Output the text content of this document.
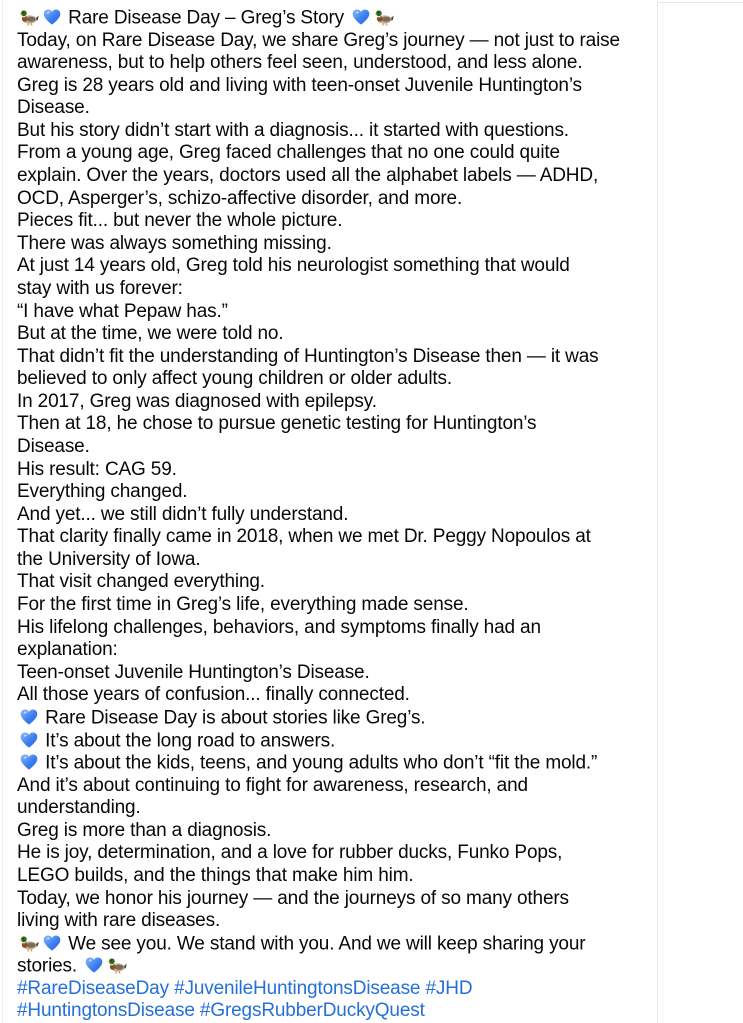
Rare Disease Day – Greg’s Story
Today, on Rare Disease Day, we share Greg’s journey — not just to raise
awareness, but to help others feel seen, understood, and less alone.
Greg is 28 years old and living with teen-onset Juvenile Huntington’s
Disease.
But his story didn’t start with a diagnosis... it started with questions.
From a young age, Greg faced challenges that no one could quite
explain. Over the years, doctors used all the alphabet labels — ADHD,
OCD, Asperger’s, schizo-affective disorder, and more.
Pieces fit... but never the whole picture.
There was always something missing.
At just 14 years old, Greg told his neurologist something that would
stay with us forever:
“I have what Pepaw has.”
But at the time, we were told no.
That didn’t fit the understanding of Huntington’s Disease then — it was
believed to only affect young children or older adults.
In 2017, Greg was diagnosed with epilepsy.
Then at 18, he chose to pursue genetic testing for Huntington’s
Disease.
His result: CAG 59.
Everything changed.
And yet... we still didn’t fully understand.
That clarity finally came in 2018, when we met Dr. Peggy Nopoulos at
the University of Iowa.
That visit changed everything.
For the first time in Greg’s life, everything made sense.
His lifelong challenges, behaviors, and symptoms finally had an
explanation:
Teen-onset Juvenile Huntington’s Disease.
All those years of confusion... finally connected.
Rare Disease Day is about stories like Greg’s.
It’s about the long road to answers.
It’s about the kids, teens, and young adults who don’t “fit the mold.”
And it’s about continuing to fight for awareness, research, and
understanding.
Greg is more than a diagnosis.
He is joy, determination, and a love for rubber ducks, Funko Pops,
LEGO builds, and the things that make him him.
Today, we honor his journey — and the journeys of so many others
living with rare diseases.
We see you. We stand with you. And we will keep sharing your
stories.
#RareDiseaseDay #JuvenileHuntingtonsDisease #JHD
#HuntingtonsDisease #GregsRubberDuckyQuest
